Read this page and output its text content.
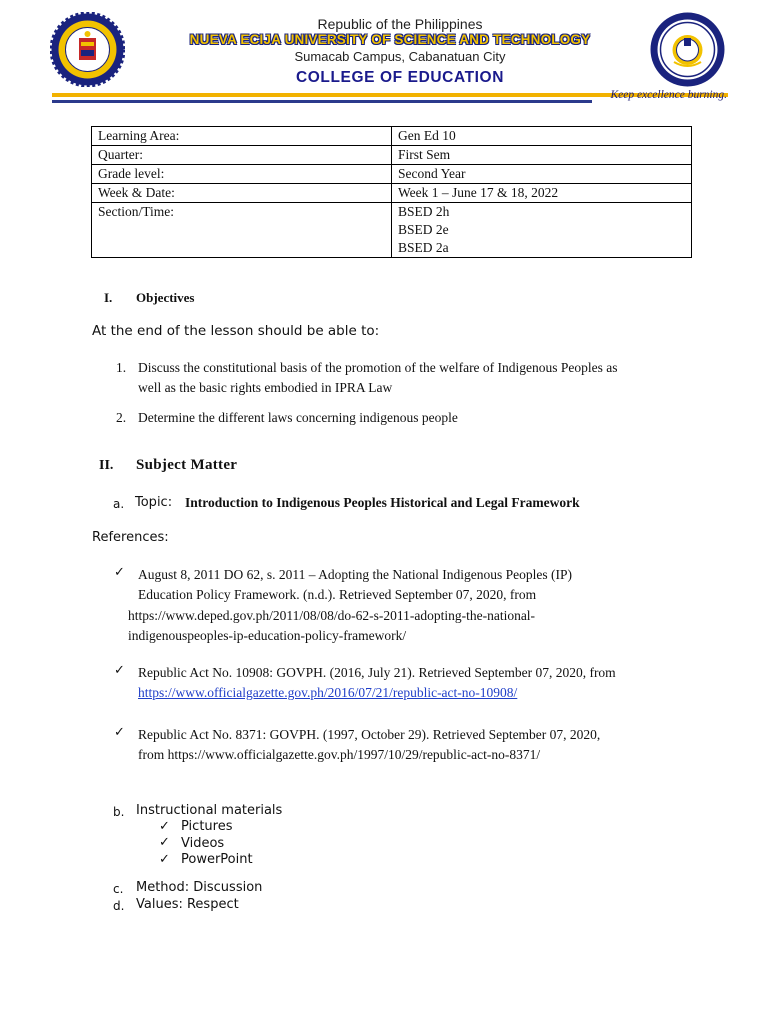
Republic of the Philippines
NUEVA ECIJA UNIVERSITY OF SCIENCE AND TECHNOLOGY
Sumacab Campus, Cabanatuan City
COLLEGE OF EDUCATION
Keep excellence burning.
Learning Area:	Gen Ed 10
Quarter:	First Sem
Grade level:	Second Year
Week & Date:	Week 1 – June 17 & 18, 2022
Section/Time:	BSED 2h
BSED 2e
BSED 2a
I. Objectives
At the end of the lesson should be able to:
1. Discuss the constitutional basis of the promotion of the welfare of Indigenous Peoples as
well as the basic rights embodied in IPRA Law
2. Determine the different laws concerning indigenous people
II. Subject Matter
a. Topic: Introduction to Indigenous Peoples Historical and Legal Framework
References:
✓ August 8, 2011 DO 62, s. 2011 – Adopting the National Indigenous Peoples (IP)
Education Policy Framework. (n.d.). Retrieved September 07, 2020, from
https://www.deped.gov.ph/2011/08/08/do-62-s-2011-adopting-the-national-
indigenouspeoples-ip-education-policy-framework/
✓ Republic Act No. 10908: GOVPH. (2016, July 21). Retrieved September 07, 2020, from
https://www.officialgazette.gov.ph/2016/07/21/republic-act-no-10908/
✓ Republic Act No. 8371: GOVPH. (1997, October 29). Retrieved September 07, 2020,
from https://www.officialgazette.gov.ph/1997/10/29/republic-act-no-8371/
b. Instructional materials
✓ Pictures
✓ Videos
✓ PowerPoint
c. Method: Discussion
d. Values: Respect
